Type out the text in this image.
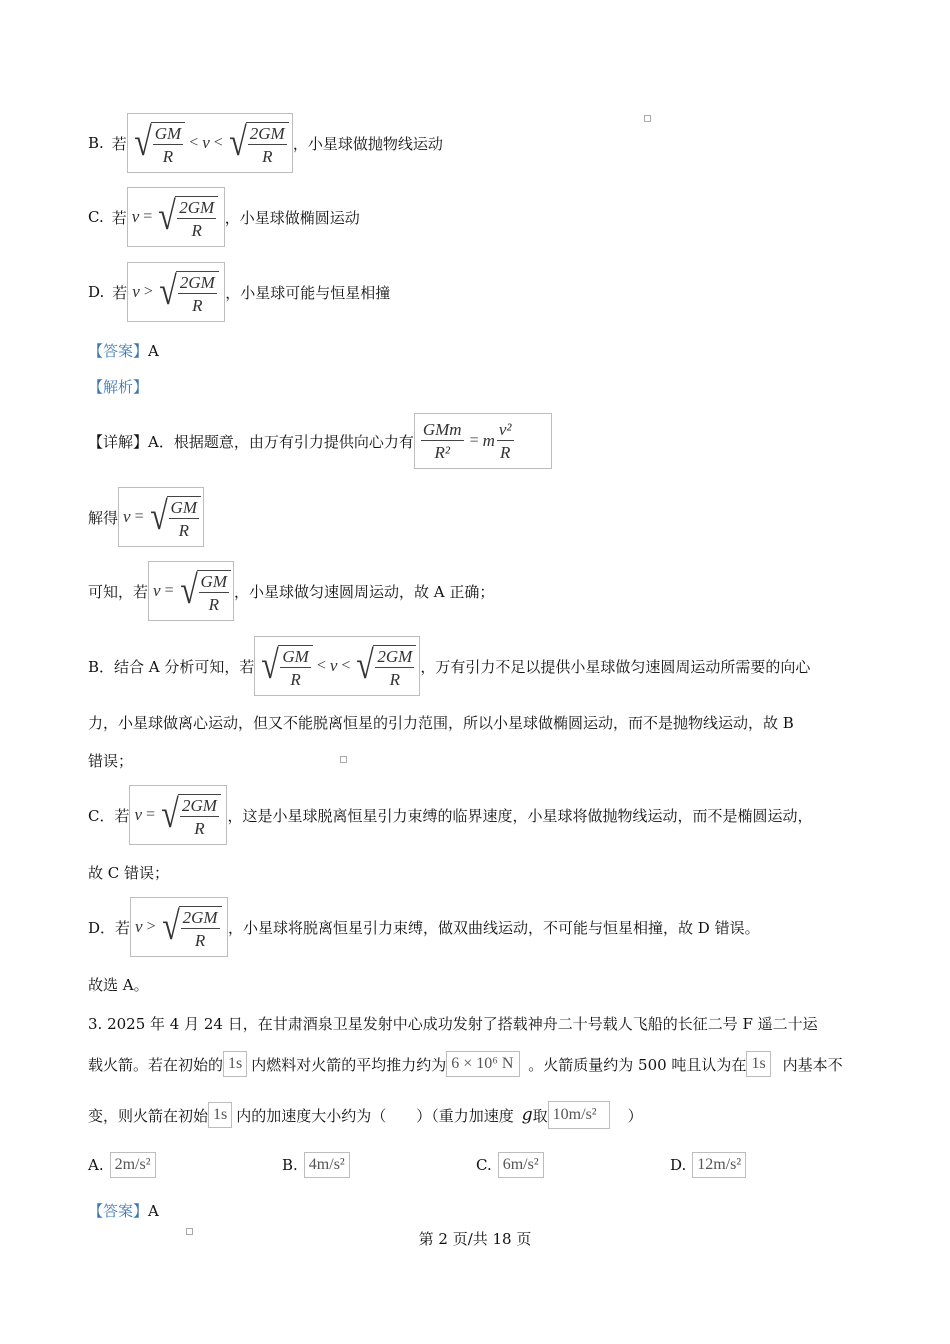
B. 若 √ $\frac{GM}{R} < v$ < √ $\frac{2GM}{R}$ ，小星球做抛物线运动
C. 若 v = √ $\frac{2GM}{R}$ ，小星球做椭圆运动
D. 若 v > √ $\frac{2GM}{R}$ ，小星球可能与恒星相撞
【答案】 A
【解析】
【详解】 A．根据题意，由万有引力提供向心力有 $\frac{\text{GMm}}{\text{R²}} = m \frac{\text{v²}}{R}$
解得 v = √ $\frac{GM}{R}$
可知，若 v = √ $\frac{GM}{R}$ ，小星球做匀速圆周运动，故 A 正确；
B．结合 A 分析可知，若 √ $\frac{GM}{R} < v$ < √ $\frac{2GM}{R}$ ，万有引力不足以提供小星球做匀速圆周运动所需要的向心
力，小星球做离心运动，但又不能脱离恒星的引力范围，所以小星球做椭圆运动，而不是抛物线运动，故 B
错误；
C．若 v = √ $\frac{2GM}{R}$ ，这是小星球脱离恒星引力束缚的临界速度，小星球将做抛物线运动，而不是椭圆运动，
故 C 错误；
D．若 v > √ $\frac{2GM}{R}$ ，小星球将脱离恒星引力束缚，做双曲线运动，不可能与恒星相撞，故 D 错误。
故选 A。
3. 2025 年 4 月 24 日，在甘肃酒泉卫星发射中心成功发射了搭载神舟二十号载人飞船的长征二号 F 遥二十运
载火箭。若在初始的 1s 内燃料对火箭的平均推力约为 6 × 10⁶ N 。火箭质量约为 500 吨且认为在 1s	内基本不
变，则火箭在初始 1s 内的加速度大小约为（　　）（重力加速度 g 取 10m/s²	）
A. 2m/s²	B. 4m/s²	C. 6m/s²	D. 12m/s²
【答案】 A
第 2 页/共 18 页
